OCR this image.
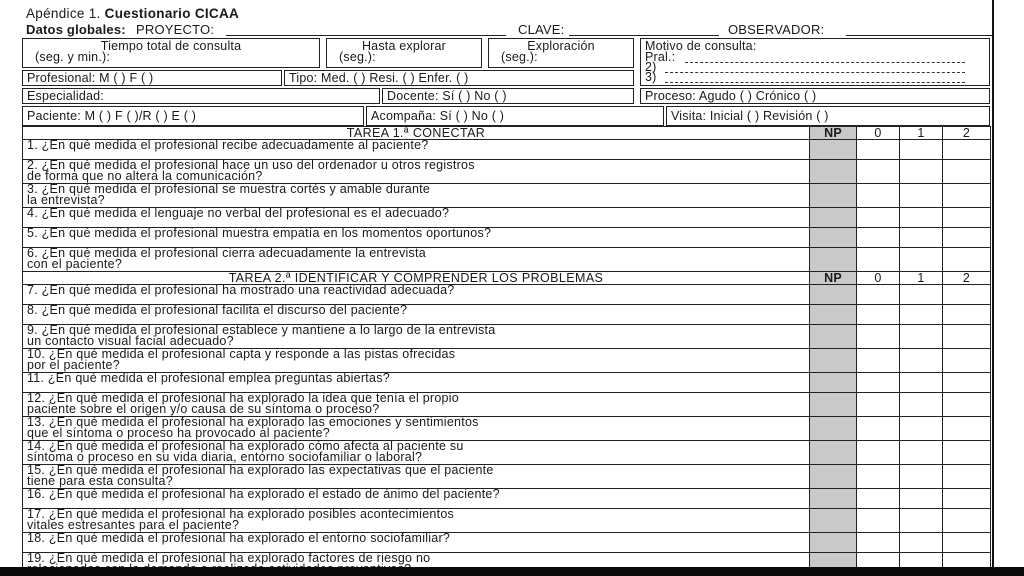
Apéndice 1. Cuestionario CICAA
Datos globales: PROYECTO:	CLAVE:	OBSERVADOR:
Tiempo total de consulta
(seg. y min.):
Hasta explorar
(seg.):
Exploración
(seg.):
Motivo de consulta:
Pral.:
2)
3)
Profesional: M ( ) F ( )	Tipo: Med. ( ) Resi. ( ) Enfer. ( )
Especialidad:	Docente: Sí ( ) No ( )	Proceso: Agudo ( ) Crónico ( )
Paciente: M ( ) F ( )/R ( ) E ( )	Acompaña: Sí ( ) No ( )	Visita: Inicial ( ) Revisión ( )
TAREA 1.ª CONECTAR	NP	0	1	2

1. ¿En qué medida el profesional recibe adecuadamente al paciente?				

2. ¿En qué medida el profesional hace un uso del ordenador u otros registros
de forma que no altera la comunicación?				

3. ¿En qué medida el profesional se muestra cortés y amable durante
la entrevista?				

4. ¿En qué medida el lenguaje no verbal del profesional es el adecuado?				

5. ¿En qué medida el profesional muestra empatía en los momentos oportunos?				

6. ¿En qué medida el profesional cierra adecuadamente la entrevista
con el paciente?				

TAREA 2.ª IDENTIFICAR Y COMPRENDER LOS PROBLEMAS	NP	0	1	2

7. ¿En qué medida el profesional ha mostrado una reactividad adecuada?				

8. ¿En qué medida el profesional facilita el discurso del paciente?				

9. ¿En qué medida el profesional establece y mantiene a lo largo de la entrevista
un contacto visual facial adecuado?				

10. ¿En qué medida el profesional capta y responde a las pistas ofrecidas
por el paciente?				

11. ¿En qué medida el profesional emplea preguntas abiertas?				

12. ¿En qué medida el profesional ha explorado la idea que tenía el propio
paciente sobre el origen y/o causa de su síntoma o proceso?				

13. ¿En qué medida el profesional ha explorado las emociones y sentimientos
que el síntoma o proceso ha provocado al paciente?				

14. ¿En qué medida el profesional ha explorado cómo afecta al paciente su
síntoma o proceso en su vida diaria, entorno sociofamiliar o laboral?				

15. ¿En qué medida el profesional ha explorado las expectativas que el paciente
tiene para esta consulta?				

16. ¿En qué medida el profesional ha explorado el estado de ánimo del paciente?				

17. ¿En qué medida el profesional ha explorado posibles acontecimientos
vitales estresantes para el paciente?				

18. ¿En qué medida el profesional ha explorado el entorno sociofamiliar?				

19. ¿En qué medida el profesional ha explorado factores de riesgo no				
